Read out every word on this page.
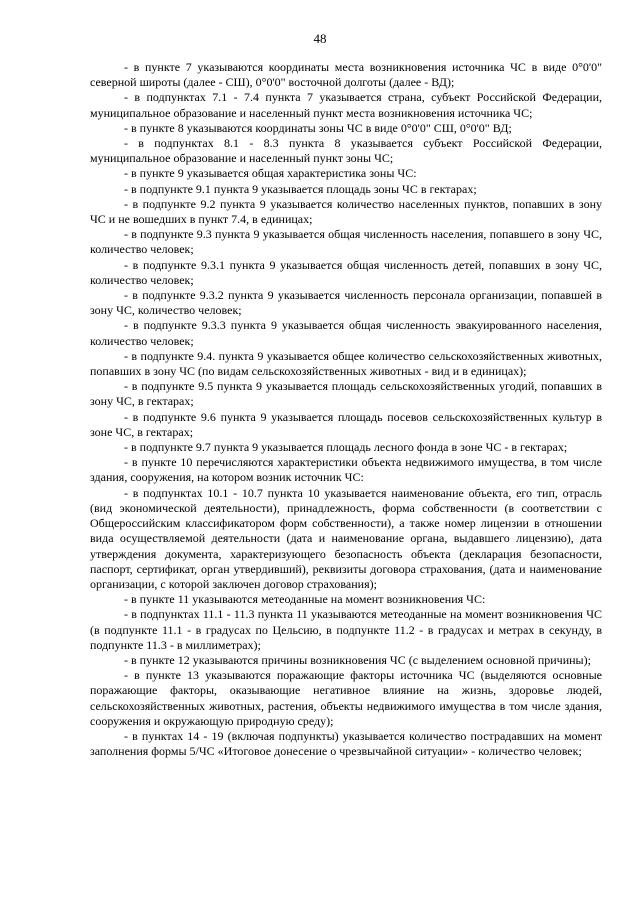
48

- в пункте 7 указываются координаты места возникновения источника ЧС в виде 0°0'0" северной широты (далее - СШ), 0°0'0" восточной долготы (далее - ВД);

- в подпунктах 7.1 - 7.4 пункта 7 указывается страна, субъект Российской Федерации, муниципальное образование и населенный пункт места возникновения источника ЧС;

- в пункте 8 указываются координаты зоны ЧС в виде 0°0'0" СШ, 0°0'0" ВД;

- в подпунктах 8.1 - 8.3 пункта 8 указывается субъект Российской Федерации, муниципальное образование и населенный пункт зоны ЧС;

- в пункте 9 указывается общая характеристика зоны ЧС:

- в подпункте 9.1 пункта 9 указывается площадь зоны ЧС в гектарах;

- в подпункте 9.2 пункта 9 указывается количество населенных пунктов, попавших в зону ЧС и не вошедших в пункт 7.4, в единицах;

- в подпункте 9.3 пункта 9 указывается общая численность населения, попавшего в зону ЧС, количество человек;

- в подпункте 9.3.1 пункта 9 указывается общая численность детей, попавших в зону ЧС, количество человек;

- в подпункте 9.3.2 пункта 9 указывается численность персонала организации, попавшей в зону ЧС, количество человек;

- в подпункте 9.3.3 пункта 9 указывается общая численность эвакуированного населения, количество человек;

- в подпункте 9.4. пункта 9 указывается общее количество сельскохозяйственных животных, попавших в зону ЧС (по видам сельскохозяйственных животных - вид и в единицах);

- в подпункте 9.5 пункта 9 указывается площадь сельскохозяйственных угодий, попавших в зону ЧС, в гектарах;

- в подпункте 9.6 пункта 9 указывается площадь посевов сельскохозяйственных культур в зоне ЧС, в гектарах;

- в подпункте 9.7 пункта 9 указывается площадь лесного фонда в зоне ЧС - в гектарах;

- в пункте 10 перечисляются характеристики объекта недвижимого имущества, в том числе здания, сооружения, на котором возник источник ЧС:

- в подпунктах 10.1 - 10.7 пункта 10 указывается наименование объекта, его тип, отрасль (вид экономической деятельности), принадлежность, форма собственности (в соответствии с Общероссийским классификатором форм собственности), а также номер лицензии в отношении вида осуществляемой деятельности (дата и наименование органа, выдавшего лицензию), дата утверждения документа, характеризующего безопасность объекта (декларация безопасности, паспорт, сертификат, орган утвердивший), реквизиты договора страхования, (дата и наименование организации, с которой заключен договор страхования);

- в пункте 11 указываются метеоданные на момент возникновения ЧС:

- в подпунктах 11.1 - 11.3 пункта 11 указываются метеоданные на момент возникновения ЧС (в подпункте 11.1 - в градусах по Цельсию, в подпункте 11.2 - в градусах и метрах в секунду, в подпункте 11.3 - в миллиметрах);

- в пункте 12 указываются причины возникновения ЧС (с выделением основной причины);

- в пункте 13 указываются поражающие факторы источника ЧС (выделяются основные поражающие факторы, оказывающие негативное влияние на жизнь, здоровье людей, сельскохозяйственных животных, растения, объекты недвижимого имущества в том числе здания, сооружения и окружающую природную среду);

- в пунктах 14 - 19 (включая подпункты) указывается количество пострадавших на момент заполнения формы 5/ЧС «Итоговое донесение о чрезвычайной ситуации» - количество человек;
